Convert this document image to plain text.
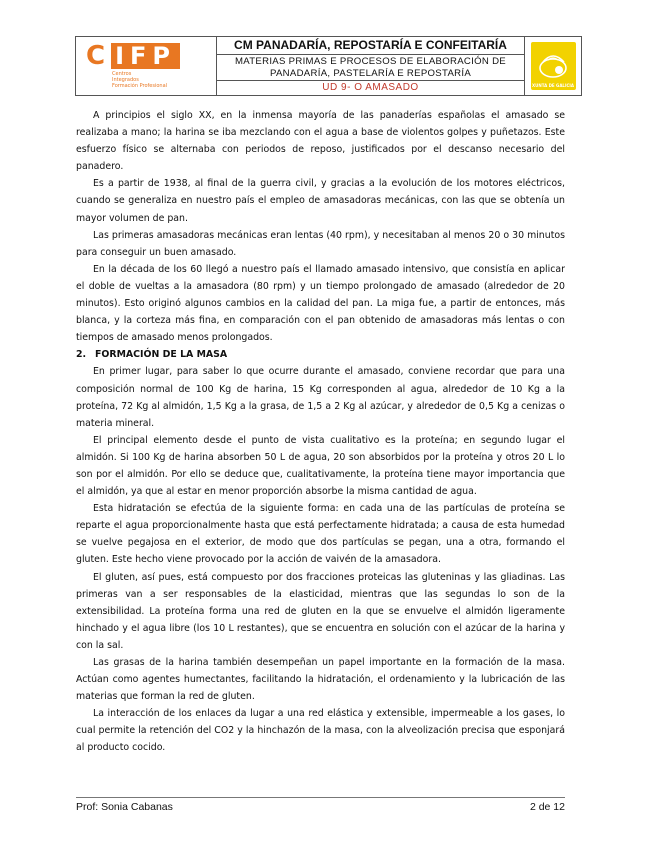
C IFP
Centros
Integrados
Formación Profesional
CM PANADARÍA, REPOSTARÍA E CONFEITARÍA
MATERIAS PRIMAS E PROCESOS DE ELABORACIÓN DE
PANADARÍA, PASTELARÍA E REPOSTARÍA
UD 9- O AMASADO	XUNTA DE GALICIA

A principios el siglo XX, en la inmensa mayoría de las panaderías españolas el amasado se realizaba a mano; la harina se iba mezclando con el agua a base de violentos golpes y puñetazos. Este esfuerzo físico se alternaba con periodos de reposo, justificados por el descanso necesario del panadero.

Es a partir de 1938, al final de la guerra civil, y gracias a la evolución de los motores eléctricos, cuando se generaliza en nuestro país el empleo de amasadoras mecánicas, con las que se obtenía un mayor volumen de pan.

Las primeras amasadoras mecánicas eran lentas (40 rpm), y necesitaban al menos 20 o 30 minutos para conseguir un buen amasado.

En la década de los 60 llegó a nuestro país el llamado amasado intensivo, que consistía en aplicar el doble de vueltas a la amasadora (80 rpm) y un tiempo prolongado de amasado (alrededor de 20 minutos). Esto originó algunos cambios en la calidad del pan. La miga fue, a partir de entonces, más blanca, y la corteza más fina, en comparación con el pan obtenido de amasadoras más lentas o con tiempos de amasado menos prolongados.

2. FORMACIÓN DE LA MASA

En primer lugar, para saber lo que ocurre durante el amasado, conviene recordar que para una composición normal de 100 Kg de harina, 15 Kg corresponden al agua, alrededor de 10 Kg a la proteína, 72 Kg al almidón, 1,5 Kg a la grasa, de 1,5 a 2 Kg al azúcar, y alrededor de 0,5 Kg a cenizas o materia mineral.

El principal elemento desde el punto de vista cualitativo es la proteína; en segundo lugar el almidón. Si 100 Kg de harina absorben 50 L de agua, 20 son absorbidos por la proteína y otros 20 L lo son por el almidón. Por ello se deduce que, cualitativamente, la proteína tiene mayor importancia que el almidón, ya que al estar en menor proporción absorbe la misma cantidad de agua.

Esta hidratación se efectúa de la siguiente forma: en cada una de las partículas de proteína se reparte el agua proporcionalmente hasta que está perfectamente hidratada; a causa de esta humedad se vuelve pegajosa en el exterior, de modo que dos partículas se pegan, una a otra, formando el gluten. Este hecho viene provocado por la acción de vaivén de la amasadora.

El gluten, así pues, está compuesto por dos fracciones proteicas las gluteninas y las gliadinas. Las primeras van a ser responsables de la elasticidad, mientras que las segundas lo son de la extensibilidad. La proteína forma una red de gluten en la que se envuelve el almidón ligeramente hinchado y el agua libre (los 10 L restantes), que se encuentra en solución con el azúcar de la harina y con la sal.

Las grasas de la harina también desempeñan un papel importante en la formación de la masa. Actúan como agentes humectantes, facilitando la hidratación, el ordenamiento y la lubricación de las materias que forman la red de gluten.

La interacción de los enlaces da lugar a una red elástica y extensible, impermeable a los gases, lo cual permite la retención del CO2 y la hinchazón de la masa, con la alveolización precisa que esponjará al producto cocido.

Prof: Sonia Cabanas	2 de 12
